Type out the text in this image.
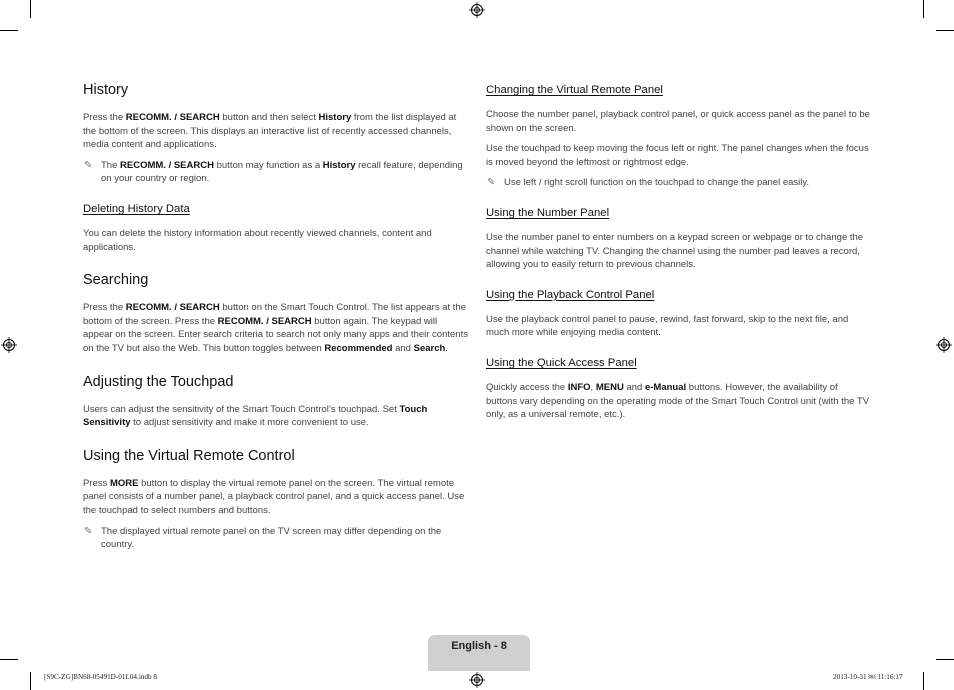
History

Press the RECOMM. / SEARCH button and then select History from the list displayed at the bottom of the screen. This displays an interactive list of recently accessed channels, media content and applications.

✎ The RECOMM. / SEARCH button may function as a History recall feature, depending on your country or region.

Deleting History Data

You can delete the history information about recently viewed channels, content and applications.

Searching

Press the RECOMM. / SEARCH button on the Smart Touch Control. The list appears at the bottom of the screen. Press the RECOMM. / SEARCH button again. The keypad will appear on the screen. Enter search criteria to search not only many apps and their contents on the TV but also the Web. This button toggles between Recommended and Search.

Adjusting the Touchpad

Users can adjust the sensitivity of the Smart Touch Control’s touchpad. Set Touch Sensitivity to adjust sensitivity and make it more convenient to use.

Using the Virtual Remote Control

Press MORE button to display the virtual remote panel on the screen. The virtual remote panel consists of a number panel, a playback control panel, and a quick access panel. Use the touchpad to select numbers and buttons.

✎ The displayed virtual remote panel on the TV screen may differ depending on the country.

Changing the Virtual Remote Panel

Choose the number panel, playback control panel, or quick access panel as the panel to be shown on the screen.

Use the touchpad to keep moving the focus left or right. The panel changes when the focus is moved beyond the leftmost or rightmost edge.

✎ Use left / right scroll function on the touchpad to change the panel easily.

Using the Number Panel

Use the number panel to enter numbers on a keypad screen or webpage or to change the channel while watching TV. Changing the channel using the number pad leaves a record, allowing you to easily return to previous channels.

Using the Playback Control Panel

Use the playback control panel to pause, rewind, fast forward, skip to the next file, and much more while enjoying media content.

Using the Quick Access Panel

Quickly access the INFO, MENU and e-Manual buttons. However, the availability of buttons vary depending on the operating mode of the Smart Touch Control unit (with the TV only, as a universal remote, etc.).

English - 8
[S9C-ZG]BN68-05491D-01L04.indb 8	2013-10-31 ￼ 11:16:17
